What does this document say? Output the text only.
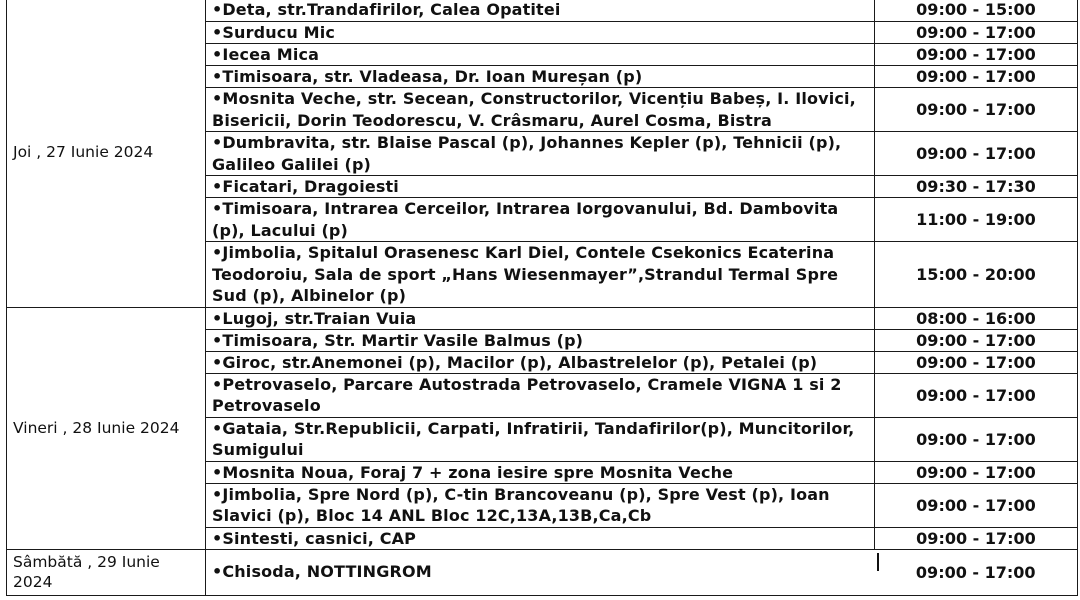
Joi , 27 Iunie 2024	•Deta, str.Trandafirilor, Calea Opatitei	09:00 - 15:00
	•Surducu Mic	09:00 - 17:00
	•Iecea Mica	09:00 - 17:00
	•Timisoara, str. Vladeasa, Dr. Ioan Mureșan (p)	09:00 - 17:00
	•Mosnita Veche, str. Secean, Constructorilor, Vicențiu Babeș, I. Ilovici, Bisericii, Dorin Teodorescu, V. Crâsmaru, Aurel Cosma, Bistra	09:00 - 17:00
	•Dumbravita, str. Blaise Pascal (p), Johannes Kepler (p), Tehnicii (p), Galileo Galilei (p)	09:00 - 17:00
	•Ficatari, Dragoiesti	09:30 - 17:30
	•Timisoara, Intrarea Cerceilor, Intrarea Iorgovanului, Bd. Dambovita (p), Lacului (p)	11:00 - 19:00
	•Jimbolia, Spitalul Orasenesc Karl Diel, Contele Csekonics Ecaterina Teodoroiu, Sala de sport „Hans Wiesenmayer”,Strandul Termal Spre Sud (p), Albinelor (p)	15:00 - 20:00
Vineri , 28 Iunie 2024	•Lugoj, str.Traian Vuia	08:00 - 16:00
	•Timisoara, Str. Martir Vasile Balmus (p)	09:00 - 17:00
	•Giroc, str.Anemonei (p), Macilor (p), Albastrelelor (p), Petalei (p)	09:00 - 17:00
	•Petrovaselo, Parcare Autostrada Petrovaselo, Cramele VIGNA 1 si 2 Petrovaselo	09:00 - 17:00
	•Gataia, Str.Republicii, Carpati, Infratirii, Tandafirilor(p), Muncitorilor, Sumigului	09:00 - 17:00
	•Mosnita Noua, Foraj 7 + zona iesire spre Mosnita Veche	09:00 - 17:00
	•Jimbolia, Spre Nord (p), C-tin Brancoveanu (p), Spre Vest (p), Ioan Slavici (p), Bloc 14 ANL Bloc 12C,13A,13B,Ca,Cb	09:00 - 17:00
	•Sintesti, casnici, CAP	09:00 - 17:00

Sâmbătă , 29 Iunie 2024	•Chisoda, NOTTINGROM	09:00 - 17:00
